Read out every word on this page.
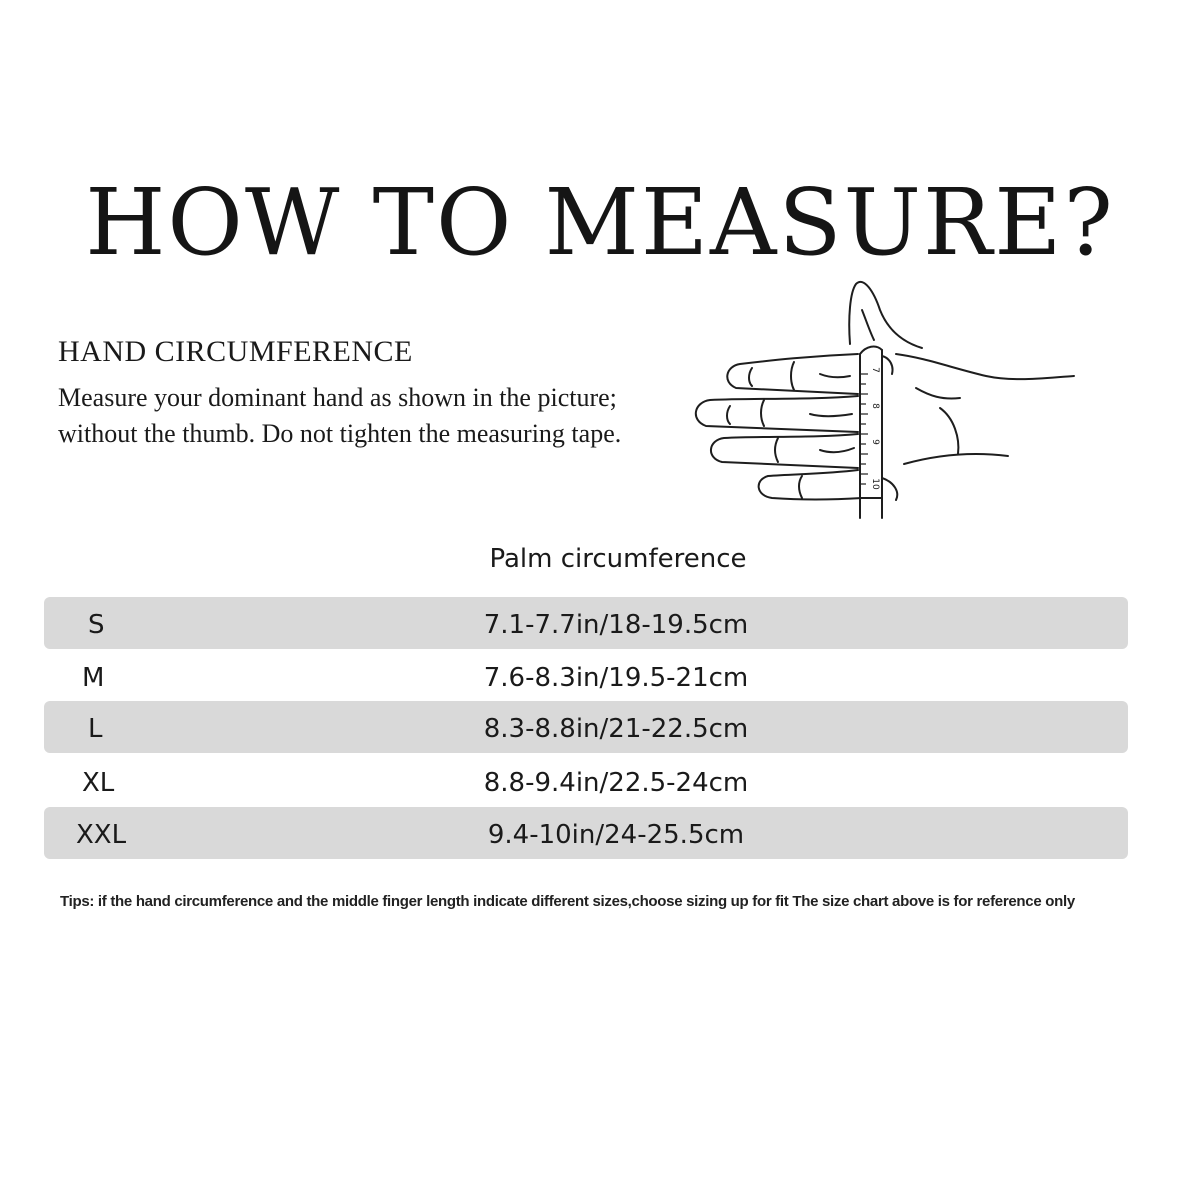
HOW TO MEASURE?
HAND CIRCUMFERENCE
Measure your dominant hand as shown in the picture; without the thumb. Do not tighten the measuring tape.
7
8
9
10
Palm circumference
S	7.1-7.7in/18-19.5cm
M	7.6-8.3in/19.5-21cm
L	8.3-8.8in/21-22.5cm
XL	8.8-9.4in/22.5-24cm
XXL	9.4-10in/24-25.5cm
Tips: if the hand circumference and the middle finger length indicate different sizes,choose sizing up for fit The size chart above is for reference only
